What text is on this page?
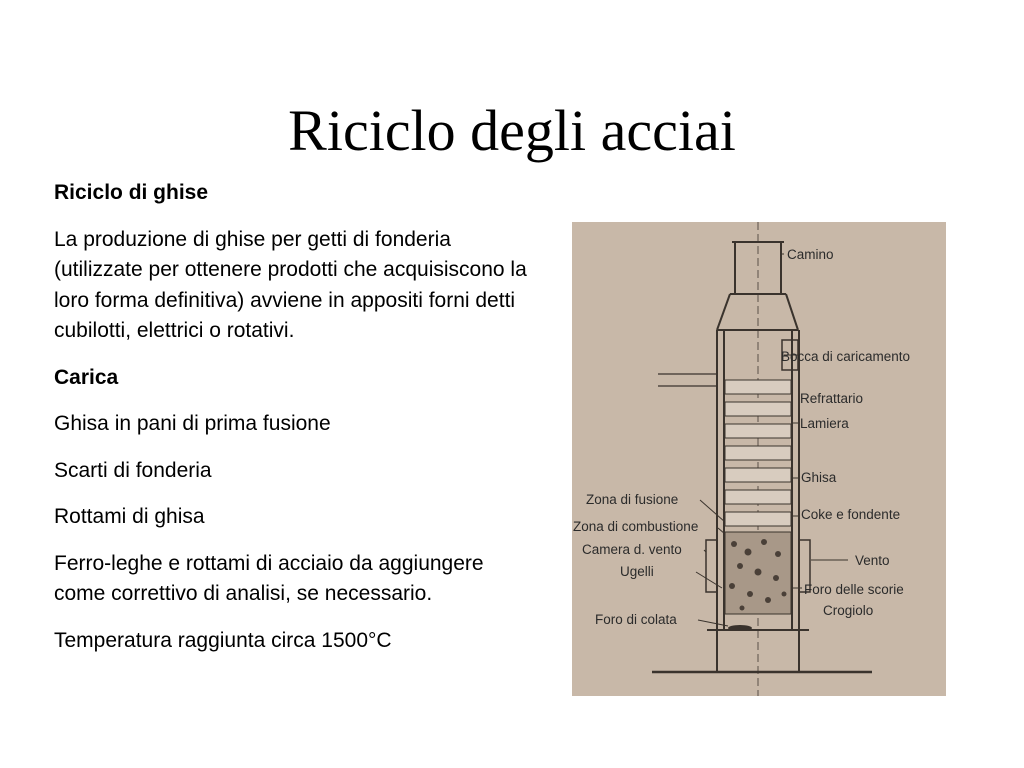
Riciclo degli acciai

Riciclo di ghise

La produzione di ghise per getti di fonderia (utilizzate per ottenere prodotti che acquisiscono la loro forma definitiva) avviene in appositi forni detti cubilotti, elettrici o rotativi.

Carica

Ghisa in pani di prima fusione

Scarti di fonderia

Rottami di ghisa

Ferro-leghe e rottami di acciaio da aggiungere come correttivo di analisi, se necessario.

Temperatura raggiunta circa 1500°C

Camino
Bocca di caricamento
Refrattario
Lamiera
Ghisa
Coke e fondente
Vento
Foro delle scorie
Crogiolo
Zona di fusione
Zona di combustione
Camera d. vento
Ugelli
Foro di colata
